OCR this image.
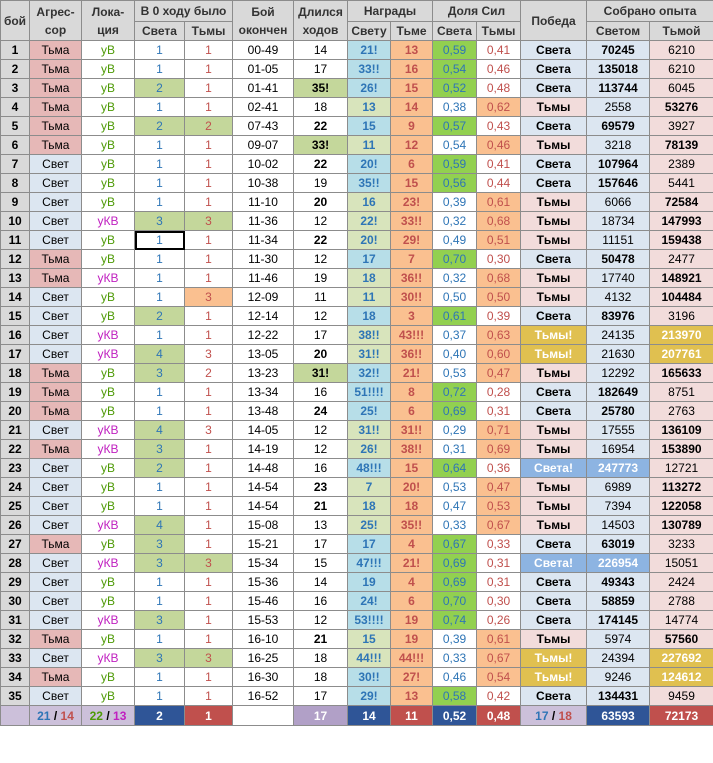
бой	Агрес-сор	Лока-ция	В 0 ходу было		Бой окончен	Длился ходов	Награды		Доля Сил		Победа	Собрано опыта	
			Света	Тьмы			Свету	Тьме	Света	Тьмы		Светом	Тьмой
1	Тьма	уВ	1	1	00-49	14	21!	13	0,59	0,41	Света	70245	6210
2	Тьма	уВ	1	1	01-05	17	33!!	16	0,54	0,46	Света	135018	6210
3	Тьма	уВ	2	1	01-41	35!	26!	15	0,52	0,48	Света	113744	6045
4	Тьма	уВ	1	1	02-41	18	13	14	0,38	0,62	Тьмы	2558	53276
5	Тьма	уВ	2	2	07-43	22	15	9	0,57	0,43	Света	69579	3927
6	Тьма	уВ	1	1	09-07	33!	11	12	0,54	0,46	Тьмы	3218	78139
7	Свет	уВ	1	1	10-02	22	20!	6	0,59	0,41	Света	107964	2389
8	Свет	уВ	1	1	10-38	19	35!!	15	0,56	0,44	Света	157646	5441
9	Свет	уВ	1	1	11-10	20	16	23!	0,39	0,61	Тьмы	6066	72584
10	Свет	уКВ	3	3	11-36	12	22!	33!!	0,32	0,68	Тьмы	18734	147993
11	Свет	уВ	1	1	11-34	22	20!	29!	0,49	0,51	Тьмы	11151	159438
12	Тьма	уВ	1	1	11-30	12	17	7	0,70	0,30	Света	50478	2477
13	Тьма	уКВ	1	1	11-46	19	18	36!!	0,32	0,68	Тьмы	17740	148921
14	Свет	уВ	1	3	12-09	11	11	30!!	0,50	0,50	Тьмы	4132	104484
15	Свет	уВ	2	1	12-14	12	18	3	0,61	0,39	Света	83976	3196
16	Свет	уКВ	1	1	12-22	17	38!!	43!!!	0,37	0,63	Тьмы!	24135	213970
17	Свет	уКВ	4	3	13-05	20	31!!	36!!	0,40	0,60	Тьмы!	21630	207761
18	Тьма	уВ	3	2	13-23	31!	32!!	21!	0,53	0,47	Тьмы	12292	165633
19	Тьма	уВ	1	1	13-34	16	51!!!!	8	0,72	0,28	Света	182649	8751
20	Тьма	уВ	1	1	13-48	24	25!	6	0,69	0,31	Света	25780	2763
21	Свет	уКВ	4	3	14-05	12	31!!	31!!	0,29	0,71	Тьмы	17555	136109
22	Тьма	уКВ	3	1	14-19	12	26!	38!!	0,31	0,69	Тьмы	16954	153890
23	Свет	уВ	2	1	14-48	16	48!!!	15	0,64	0,36	Света!	247773	12721
24	Свет	уВ	1	1	14-54	23	7	20!	0,53	0,47	Тьмы	6989	113272
25	Свет	уВ	1	1	14-54	21	18	18	0,47	0,53	Тьмы	7394	122058
26	Свет	уКВ	4	1	15-08	13	25!	35!!	0,33	0,67	Тьмы	14503	130789
27	Тьма	уВ	3	1	15-21	17	17	4	0,67	0,33	Света	63019	3233
28	Свет	уКВ	3	3	15-34	15	47!!!	21!	0,69	0,31	Света!	226954	15051
29	Свет	уВ	1	1	15-36	14	19	4	0,69	0,31	Света	49343	2424
30	Свет	уВ	1	1	15-46	16	24!	6	0,70	0,30	Света	58859	2788
31	Свет	уКВ	3	1	15-53	12	53!!!!	19	0,74	0,26	Света	174145	14774
32	Тьма	уВ	1	1	16-10	21	15	19	0,39	0,61	Тьмы	5974	57560
33	Свет	уКВ	3	3	16-25	18	44!!!	44!!!	0,33	0,67	Тьмы!	24394	227692
34	Тьма	уВ	1	1	16-30	18	30!!	27!	0,46	0,54	Тьмы!	9246	124612
35	Свет	уВ	1	1	16-52	17	29!	13	0,58	0,42	Света	134431	9459
	21 / 14	22 / 13	2	1		17	14	11	0,52	0,48	17 / 18	63593	72173
